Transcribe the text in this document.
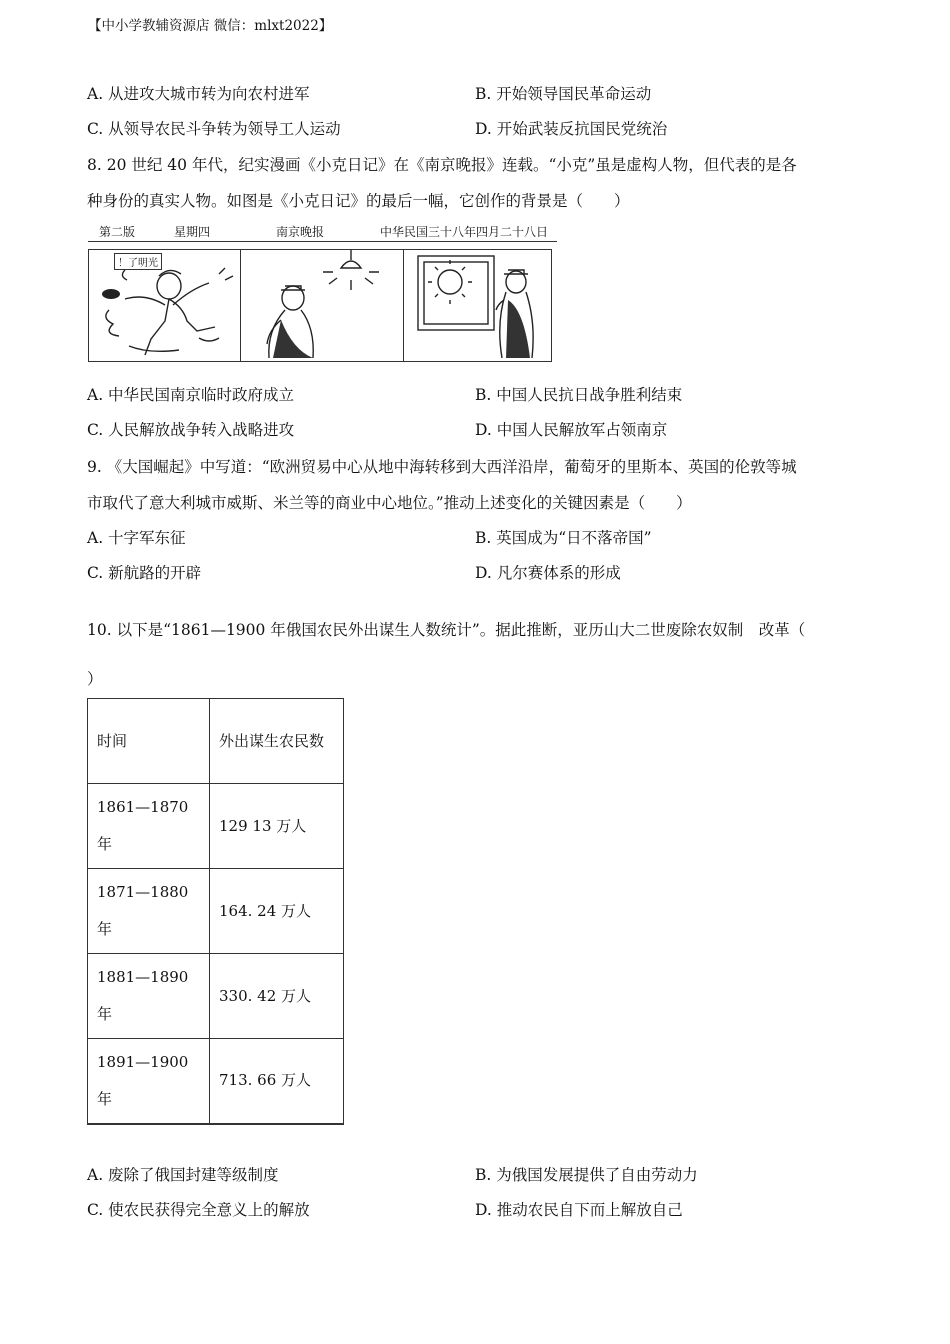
【中小学教辅资源店 微信：mlxt2022】
A. 从进攻大城市转为向农村进军	B. 开始领导国民革命运动
C. 从领导农民斗争转为领导工人运动	D. 开始武装反抗国民党统治
8. 20 世纪 40 年代，纪实漫画《小克日记》在《南京晚报》连载。“小克”虽是虚构人物，但代表的是各
种身份的真实人物。如图是《小克日记》的最后一幅，它创作的背景是（　　）
第二版	星期四	南京晚报	中华民国三十八年四月二十八日
！了明光
A. 中华民国南京临时政府成立	B. 中国人民抗日战争胜利结束
C. 人民解放战争转入战略进攻	D. 中国人民解放军占领南京
9. 《大国崛起》中写道：“欧洲贸易中心从地中海转移到大西洋沿岸，葡萄牙的里斯本、英国的伦敦等城
市取代了意大利城市威斯、米兰等的商业中心地位。”推动上述变化的关键因素是（　　）
A. 十字军东征	B. 英国成为“日不落帝国”
C. 新航路的开辟	D. 凡尔赛体系的形成
10. 以下是“1861—1900 年俄国农民外出谋生人数统计”。据此推断，亚历山大二世废除农奴制　改革（
）
时间	外出谋生农民数
1861—1870 年	129 13 万人
1871—1880 年	164. 24 万人
1881—1890 年	330. 42 万人
1891—1900 年	713. 66 万人
A. 废除了俄国封建等级制度	B. 为俄国发展提供了自由劳动力
C. 使农民获得完全意义上的解放	D. 推动农民自下而上解放自己
